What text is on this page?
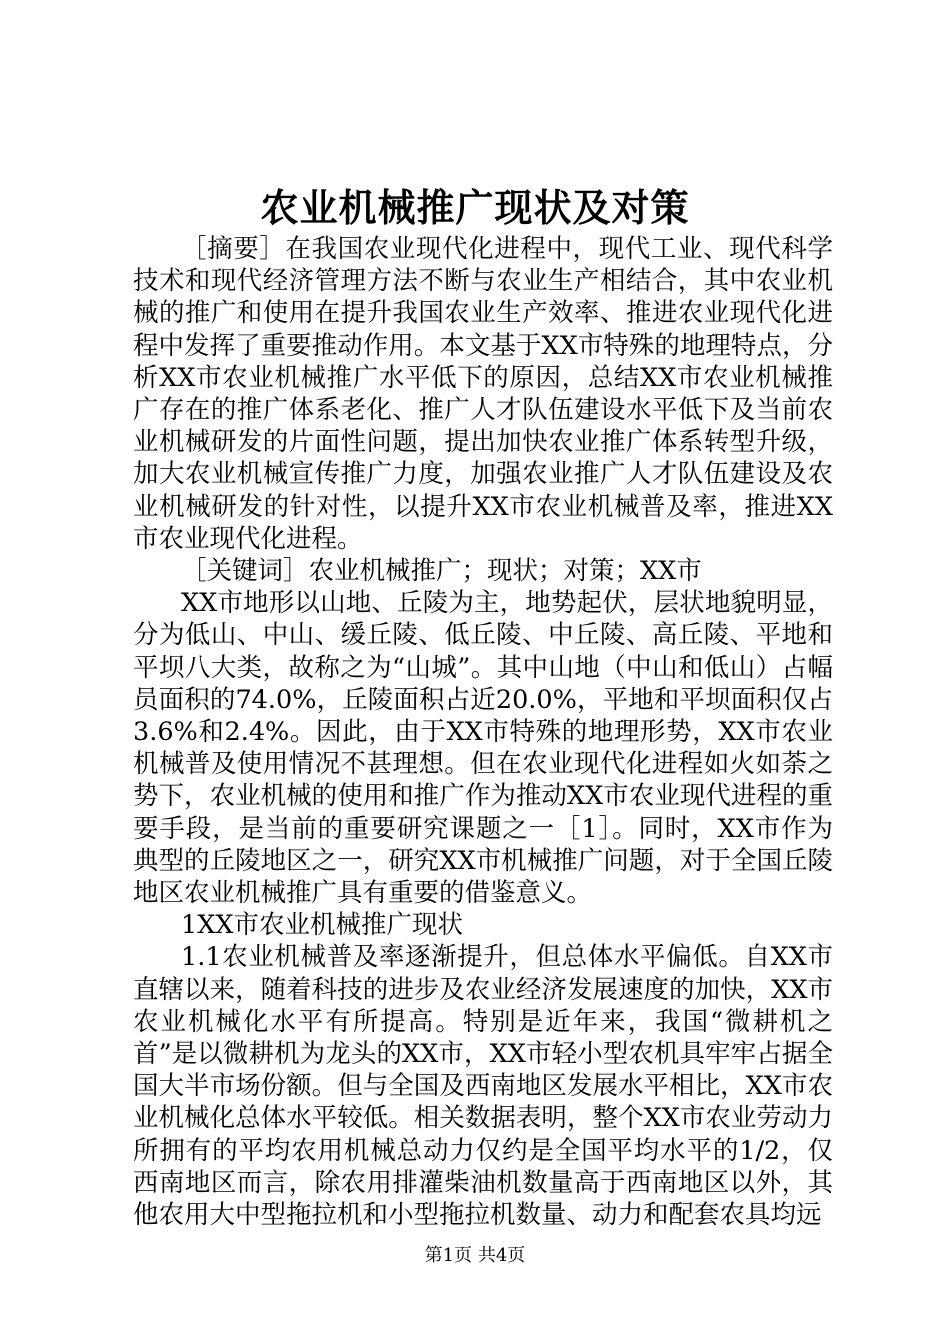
农业机械推广现状及对策

［摘要］在我国农业现代化进程中，现代工业、现代科学技术和现代经济管理方法不断与农业生产相结合，其中农业机械的推广和使用在提升我国农业生产效率、推进农业现代化进程中发挥了重要推动作用。本文基于XX市特殊的地理特点，分析XX市农业机械推广水平低下的原因，总结XX市农业机械推广存在的推广体系老化、推广人才队伍建设水平低下及当前农业机械研发的片面性问题，提出加快农业推广体系转型升级，加大农业机械宣传推广力度，加强农业推广人才队伍建设及农业机械研发的针对性，以提升XX市农业机械普及率，推进XX市农业现代化进程。

［关键词］农业机械推广；现状；对策；XX市

XX市地形以山地、丘陵为主，地势起伏，层状地貌明显，分为低山、中山、缓丘陵、低丘陵、中丘陵、高丘陵、平地和平坝八大类，故称之为“山城”。其中山地（中山和低山）占幅员面积的74.0%，丘陵面积占近20.0%，平地和平坝面积仅占3.6%和2.4%。因此，由于XX市特殊的地理形势，XX市农业机械普及使用情况不甚理想。但在农业现代化进程如火如荼之势下，农业机械的使用和推广作为推动XX市农业现代进程的重要手段，是当前的重要研究课题之一［1］。同时，XX市作为典型的丘陵地区之一，研究XX市机械推广问题，对于全国丘陵地区农业机械推广具有重要的借鉴意义。

1XX市农业机械推广现状

1.1农业机械普及率逐渐提升，但总体水平偏低。自XX市直辖以来，随着科技的进步及农业经济发展速度的加快，XX市农业机械化水平有所提高。特别是近年来，我国“微耕机之首”是以微耕机为龙头的XX市，XX市轻小型农机具牢牢占据全国大半市场份额。但与全国及西南地区发展水平相比，XX市农业机械化总体水平较低。相关数据表明，整个XX市农业劳动力所拥有的平均农用机械总动力仅约是全国平均水平的1/2，仅西南地区而言，除农用排灌柴油机数量高于西南地区以外，其他农用大中型拖拉机和小型拖拉机数量、动力和配套农具均远

第1页 共4页
